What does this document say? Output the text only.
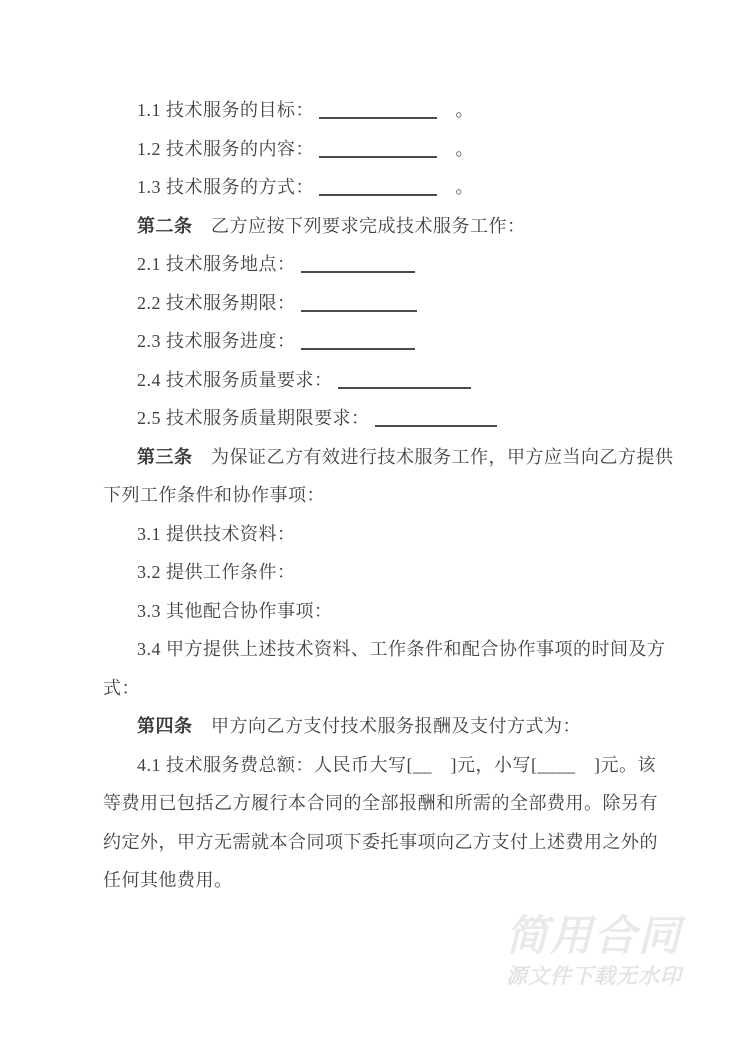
1.1 技术服务的目标：	　。
1.2 技术服务的内容：	　。
1.3 技术服务的方式：	　。
第二条　乙方应按下列要求完成技术服务工作：
2.1 技术服务地点：
2.2 技术服务期限：
2.3 技术服务进度：
2.4 技术服务质量要求：
2.5 技术服务质量期限要求：
第三条　为保证乙方有效进行技术服务工作，甲方应当向乙方提供
下列工作条件和协作事项：
3.1 提供技术资料：
3.2 提供工作条件：
3.3 其他配合协作事项：
3.4 甲方提供上述技术资料、工作条件和配合协作事项的时间及方
式：
第四条　甲方向乙方支付技术服务报酬及支付方式为：
4.1 技术服务费总额：人民币大写[__　]元，小写[____　]元。该
等费用已包括乙方履行本合同的全部报酬和所需的全部费用。除另有
约定外，甲方无需就本合同项下委托事项向乙方支付上述费用之外的
任何其他费用。
简用合同
源文件下载无水印
